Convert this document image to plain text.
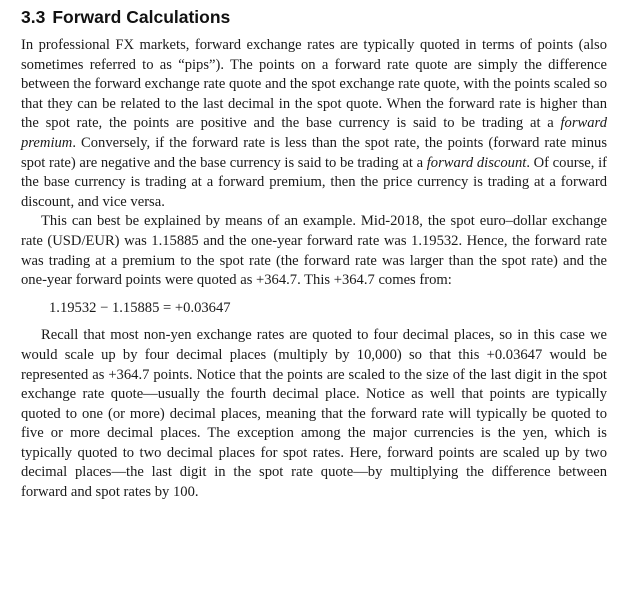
3.3 Forward Calculations

In professional FX markets, forward exchange rates are typically quoted in terms of points (also sometimes referred to as “pips”). The points on a forward rate quote are simply the difference between the forward exchange rate quote and the spot exchange rate quote, with the points scaled so that they can be related to the last decimal in the spot quote. When the forward rate is higher than the spot rate, the points are positive and the base currency is said to be trading at a forward premium. Conversely, if the forward rate is less than the spot rate, the points (forward rate minus spot rate) are negative and the base currency is said to be trading at a forward discount. Of course, if the base currency is trading at a forward premium, then the price currency is trading at a forward discount, and vice versa.

This can best be explained by means of an example. Mid-2018, the spot euro–dollar exchange rate (USD/EUR) was 1.15885 and the one-year forward rate was 1.19532. Hence, the forward rate was trading at a premium to the spot rate (the forward rate was larger than the spot rate) and the one-year forward points were quoted as +364.7. This +364.7 comes from:

1.19532 − 1.15885 = +0.03647

Recall that most non-yen exchange rates are quoted to four decimal places, so in this case we would scale up by four decimal places (multiply by 10,000) so that this +0.03647 would be represented as +364.7 points. Notice that the points are scaled to the size of the last digit in the spot exchange rate quote—usually the fourth decimal place. Notice as well that points are typically quoted to one (or more) decimal places, meaning that the forward rate will typically be quoted to five or more decimal places. The exception among the major currencies is the yen, which is typically quoted to two decimal places for spot rates. Here, forward points are scaled up by two decimal places—the last digit in the spot rate quote—by multiplying the difference between forward and spot rates by 100.
